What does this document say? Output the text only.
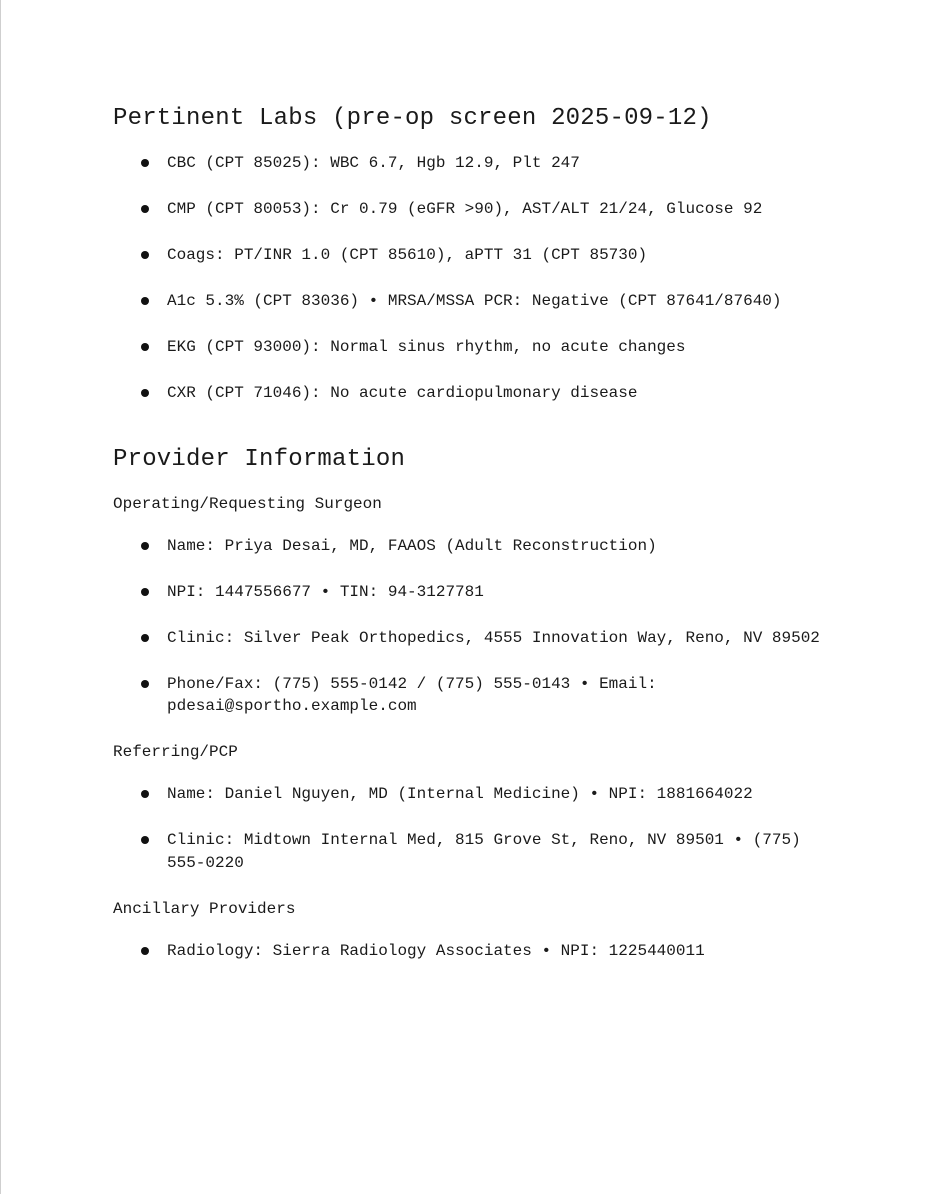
Pertinent Labs (pre-op screen 2025-09-12)
CBC (CPT 85025): WBC 6.7, Hgb 12.9, Plt 247
CMP (CPT 80053): Cr 0.79 (eGFR >90), AST/ALT 21/24, Glucose 92
Coags: PT/INR 1.0 (CPT 85610), aPTT 31 (CPT 85730)
A1c 5.3% (CPT 83036) • MRSA/MSSA PCR: Negative (CPT 87641/87640)
EKG (CPT 93000): Normal sinus rhythm, no acute changes
CXR (CPT 71046): No acute cardiopulmonary disease
Provider Information
Operating/Requesting Surgeon
Name: Priya Desai, MD, FAAOS (Adult Reconstruction)
NPI: 1447556677 • TIN: 94-3127781
Clinic: Silver Peak Orthopedics, 4555 Innovation Way, Reno, NV 89502
Phone/Fax: (775) 555-0142 / (775) 555-0143 • Email: pdesai@sportho.example.com
Referring/PCP
Name: Daniel Nguyen, MD (Internal Medicine) • NPI: 1881664022
Clinic: Midtown Internal Med, 815 Grove St, Reno, NV 89501 • (775) 555-0220
Ancillary Providers
Radiology: Sierra Radiology Associates • NPI: 1225440011
